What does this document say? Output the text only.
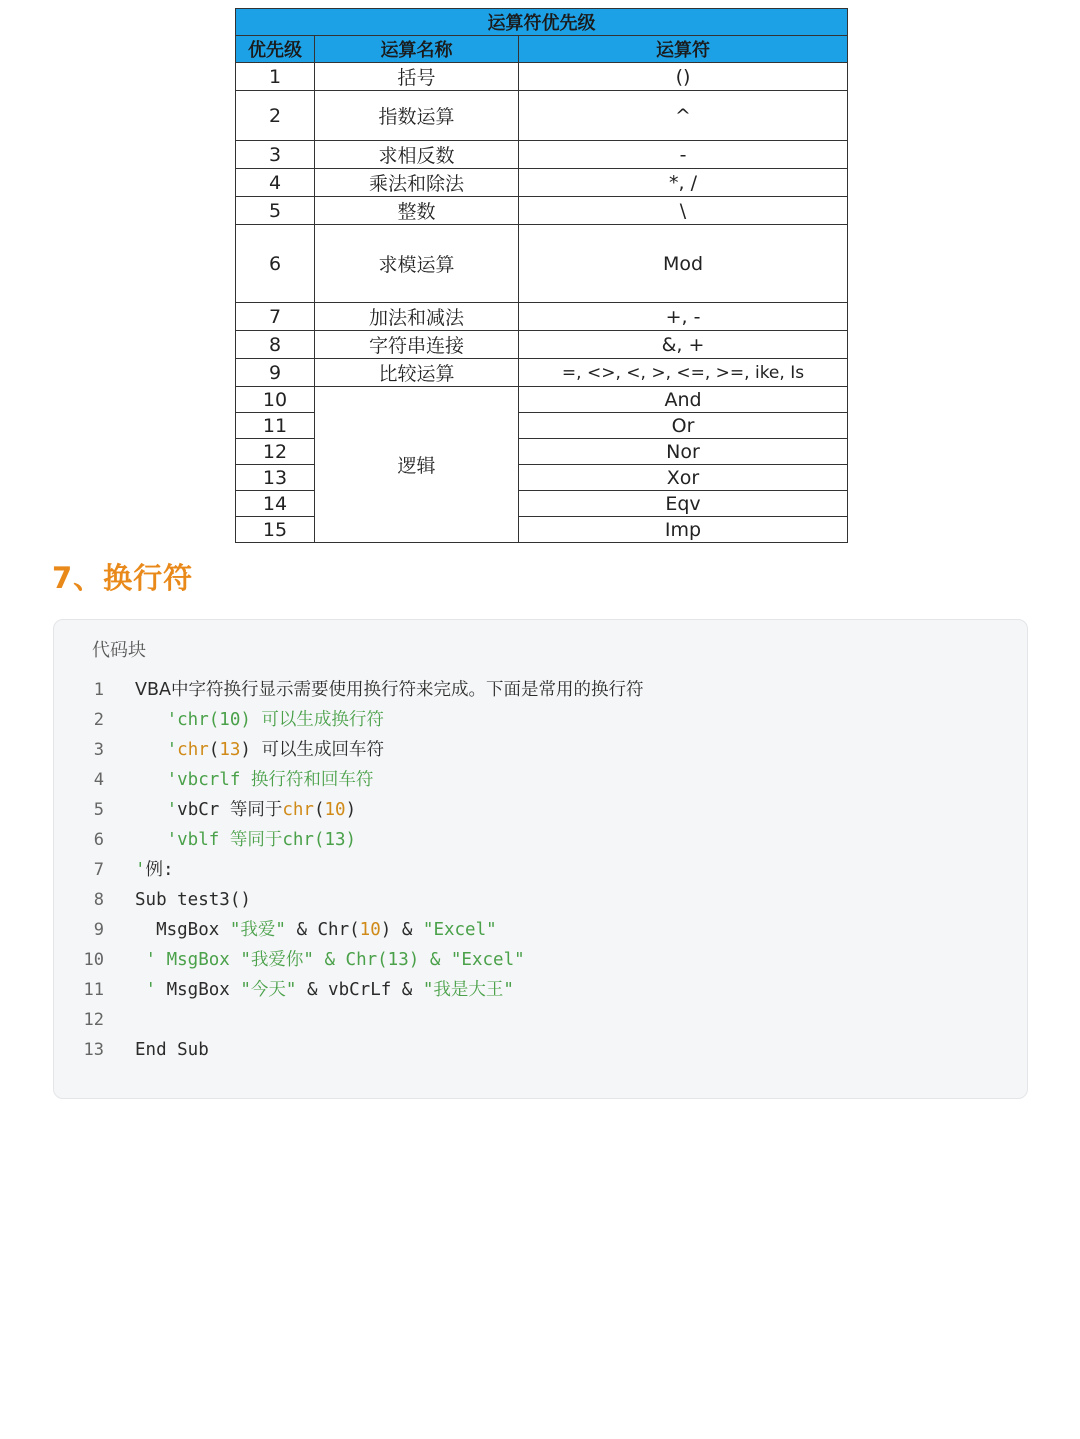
运算符优先级		
优先级	运算名称	运算符
1	括号	()
2	指数运算	^
3	求相反数	-
4	乘法和除法	*, /
5	整数	\
6	求模运算	Mod
7	加法和减法	+, -
8	字符串连接	&, +
9	比较运算	=, <>, <, >, <=, >=, ike, Is
10	逻辑	And
11		Or
12		Nor
13		Xor
14		Eqv
15		Imp
7、换行符
代码块
1 VBA中字符换行显示需要使用换行符来完成。下面是常用的换行符
2 'chr(10) 可以生成换行符
3 'chr(13) 可以生成回车符
4 'vbcrlf 换行符和回车符
5 'vbCr 等同于chr(10)
6 'vblf 等同于chr(13)
7 '例:
8 Sub test3()
9 MsgBox "我爱" & Chr(10) & "Excel"
10 ' MsgBox "我爱你" & Chr(13) & "Excel"
11 ' MsgBox "今天" & vbCrLf & "我是大王"
12
13 End Sub
